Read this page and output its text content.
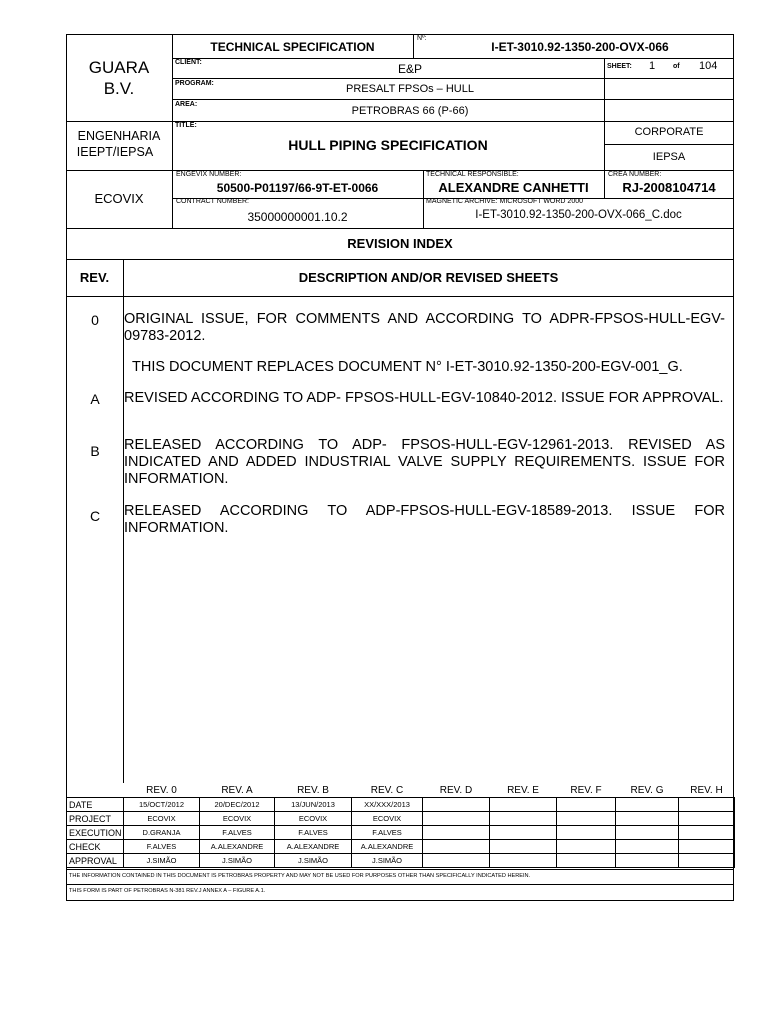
TECHNICAL SPECIFICATION
Nº:
I-ET-3010.92-1350-200-OVX-066
GUARA
B.V.
CLIENT:	E&P	SHEET: 1	of 104
PROGRAM:	PRESALT FPSOs – HULL
AREA:
PETROBRAS 66 (P-66)
ENGENHARIA
IEEPT/IEPSA
TITLE:
HULL PIPING SPECIFICATION
CORPORATE
IEPSA
ECOVIX
ENGEVIX NUMBER:
50500-P01197/66-9T-ET-0066
TECHNICAL RESPONSIBLE:
ALEXANDRE CANHETTI
CREA NUMBER:
RJ-2008104714
CONTRACT NUMBER:
35000000001.10.2
MAGNETIC ARCHIVE: MICROSOFT WORD 2000
I-ET-3010.92-1350-200-OVX-066_C.doc
REVISION INDEX
REV.	DESCRIPTION AND/OR REVISED SHEETS
0	ORIGINAL ISSUE, FOR COMMENTS AND ACCORDING TO ADPR-FPSOS-HULL-EGV-09783-2012.
THIS DOCUMENT REPLACES DOCUMENT N° I-ET-3010.92-1350-200-EGV-001_G.
A	REVISED ACCORDING TO ADP- FPSOS-HULL-EGV-10840-2012. ISSUE FOR APPROVAL.
B	RELEASED ACCORDING TO ADP- FPSOS-HULL-EGV-12961-2013. REVISED AS INDICATED AND ADDED INDUSTRIAL VALVE SUPPLY REQUIREMENTS. ISSUE FOR INFORMATION.
C	RELEASED ACCORDING TO ADP-FPSOS-HULL-EGV-18589-2013. ISSUE FOR INFORMATION.
	REV. 0	REV. A	REV. B	REV. C	REV. D	REV. E	REV. F	REV. G	REV. H
DATE	15/OCT/2012	20/DEC/2012	13/JUN/2013	XX/XXX/2013					
PROJECT	ECOVIX	ECOVIX	ECOVIX	ECOVIX					
EXECUTION	D.GRANJA	F.ALVES	F.ALVES	F.ALVES					
CHECK	F.ALVES	A.ALEXANDRE	A.ALEXANDRE	A.ALEXANDRE					
APPROVAL	J.SIMÃO	J.SIMÃO	J.SIMÃO	J.SIMÃO					
THE INFORMATION CONTAINED IN THIS DOCUMENT IS PETROBRAS PROPERTY AND MAY NOT BE USED FOR PURPOSES OTHER THAN SPECIFICALLY INDICATED HEREIN.
THIS FORM IS PART OF PETROBRAS N-381 REV.J ANNEX A – FIGURE A.1.
